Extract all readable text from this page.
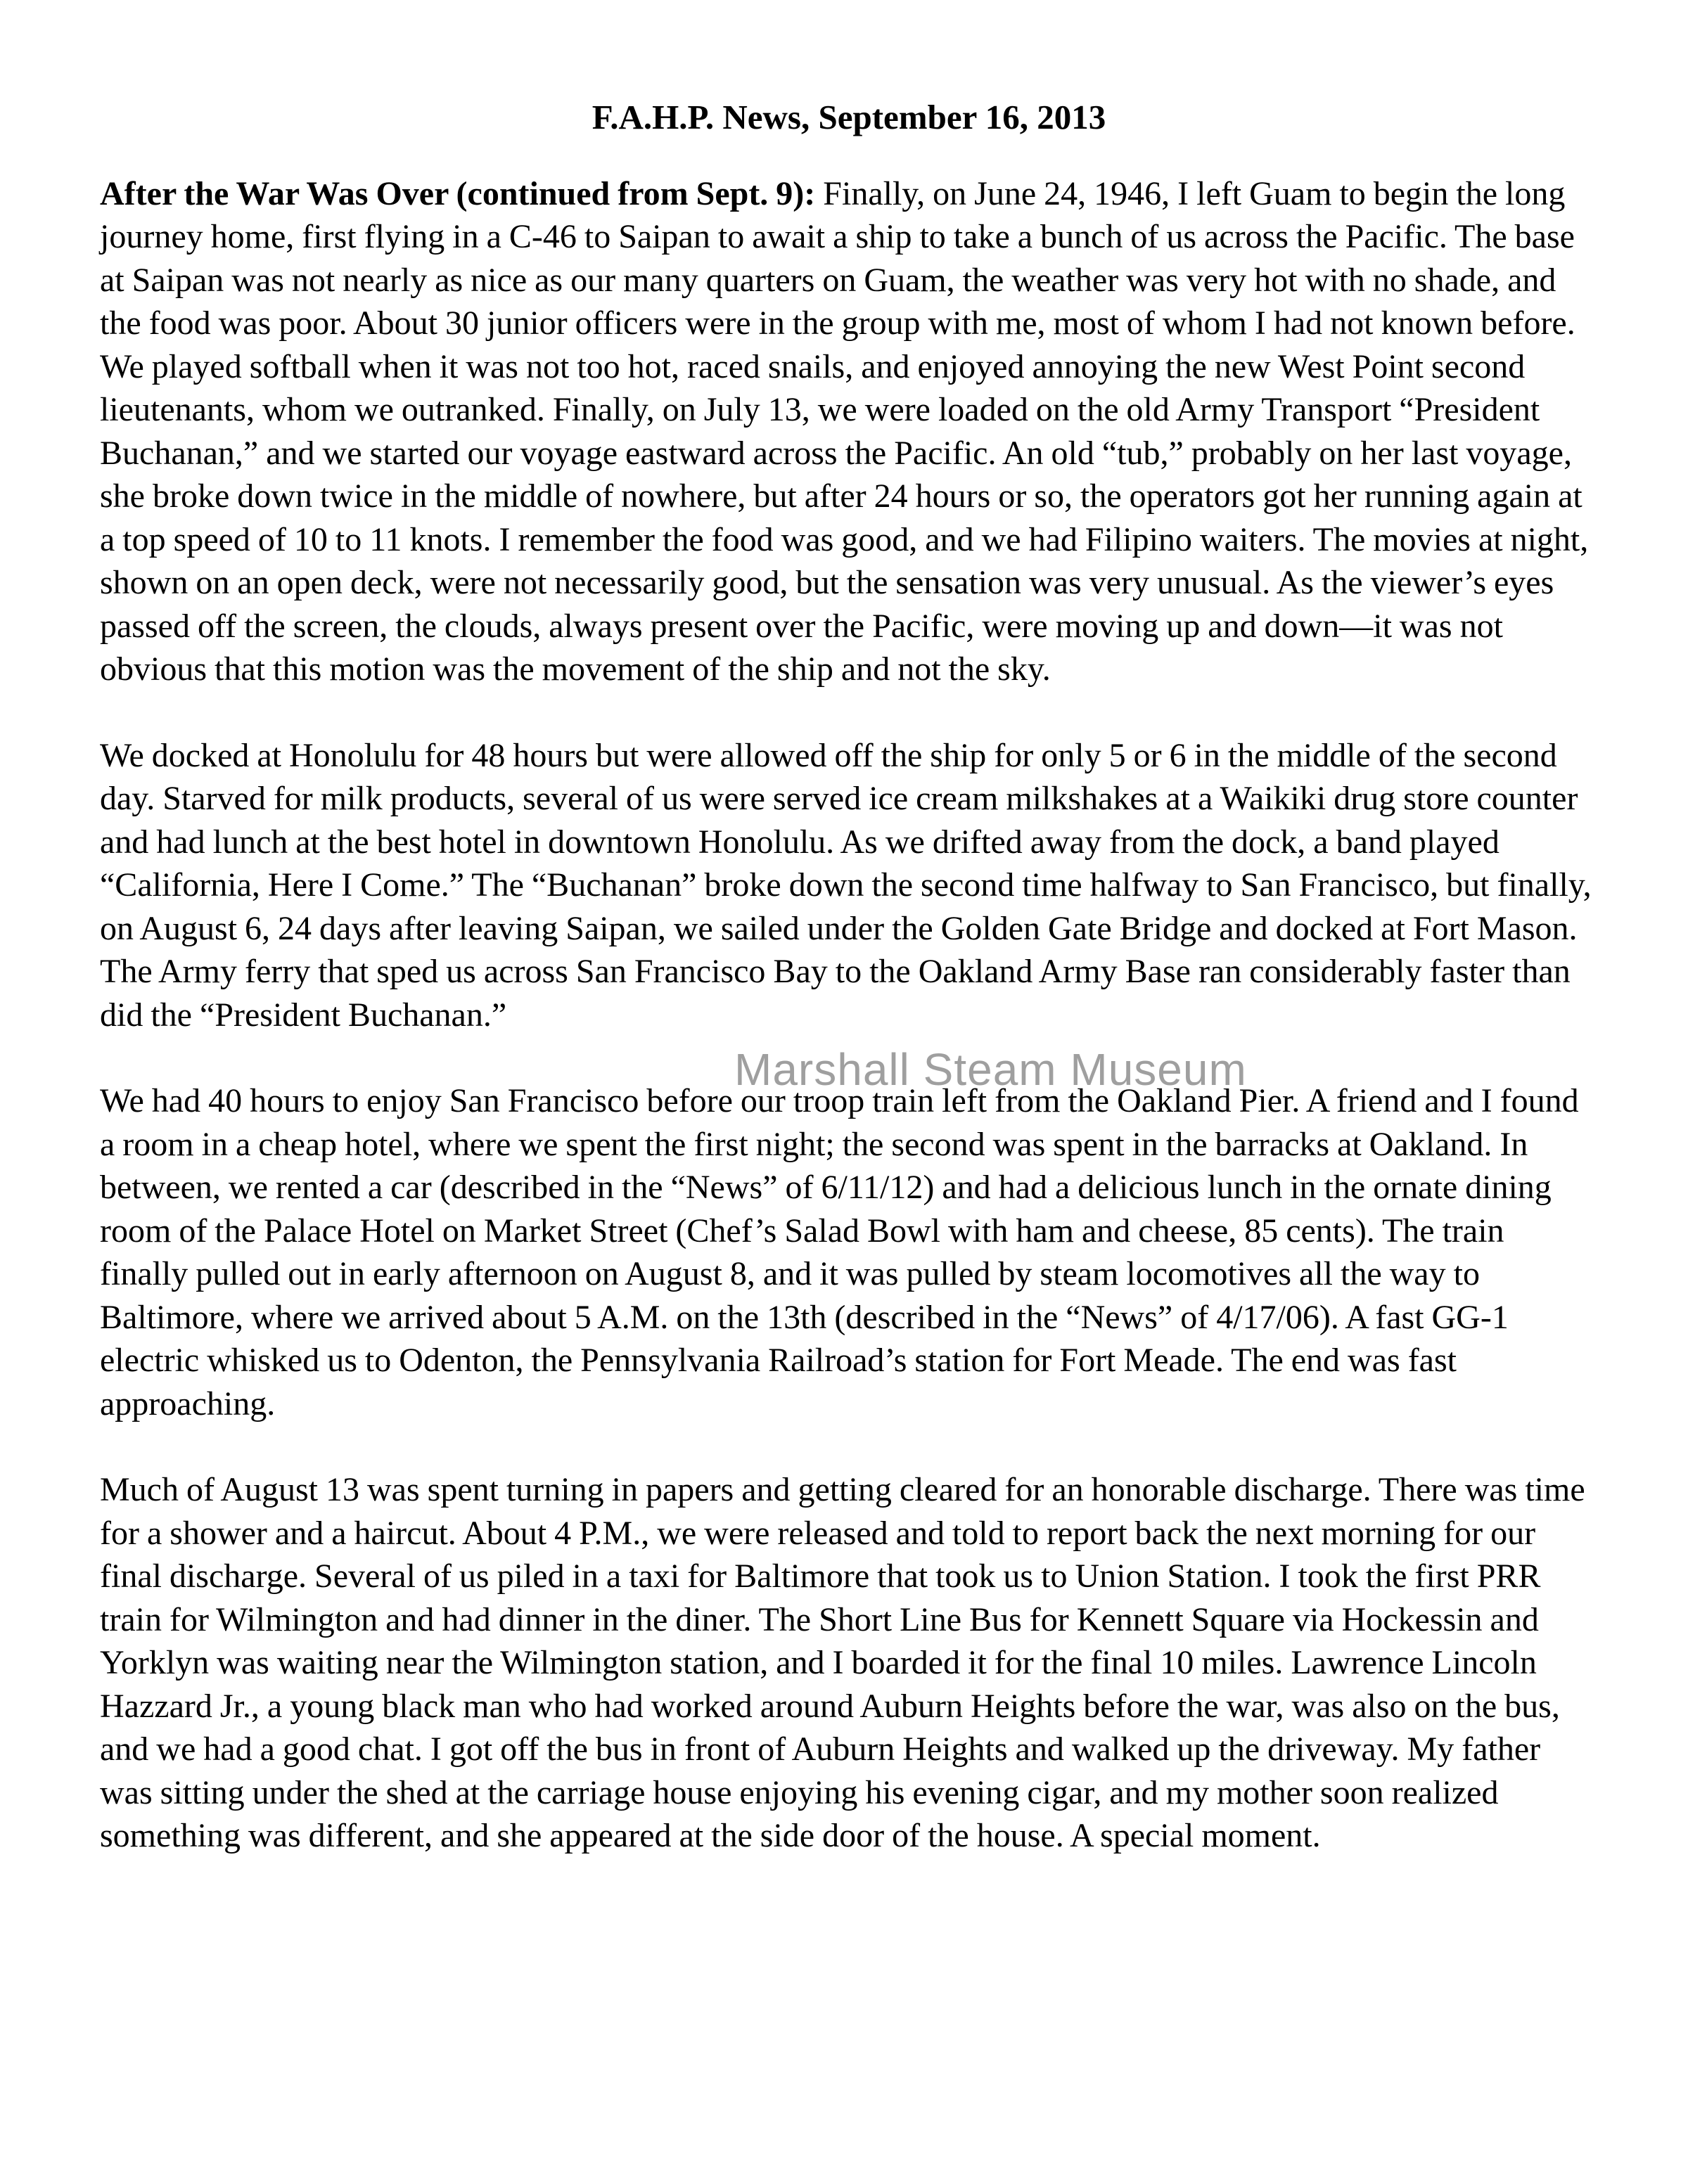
F.A.H.P. News, September 16, 2013

After the War Was Over (continued from Sept. 9): Finally, on June 24, 1946, I left Guam to begin the long journey home, first flying in a C-46 to Saipan to await a ship to take a bunch of us across the Pacific. The base at Saipan was not nearly as nice as our many quarters on Guam, the weather was very hot with no shade, and the food was poor. About 30 junior officers were in the group with me, most of whom I had not known before. We played softball when it was not too hot, raced snails, and enjoyed annoying the new West Point second lieutenants, whom we outranked. Finally, on July 13, we were loaded on the old Army Transport “President Buchanan,” and we started our voyage eastward across the Pacific. An old “tub,” probably on her last voyage, she broke down twice in the middle of nowhere, but after 24 hours or so, the operators got her running again at a top speed of 10 to 11 knots. I remember the food was good, and we had Filipino waiters. The movies at night, shown on an open deck, were not necessarily good, but the sensation was very unusual. As the viewer’s eyes passed off the screen, the clouds, always present over the Pacific, were moving up and down—it was not obvious that this motion was the movement of the ship and not the sky.

We docked at Honolulu for 48 hours but were allowed off the ship for only 5 or 6 in the middle of the second day. Starved for milk products, several of us were served ice cream milkshakes at a Waikiki drug store counter and had lunch at the best hotel in downtown Honolulu. As we drifted away from the dock, a band played “California, Here I Come.” The “Buchanan” broke down the second time halfway to San Francisco, but finally, on August 6, 24 days after leaving Saipan, we sailed under the Golden Gate Bridge and docked at Fort Mason. The Army ferry that sped us across San Francisco Bay to the Oakland Army Base ran considerably faster than did the “President Buchanan.”

We had 40 hours to enjoy San Francisco before our troop train left from the Oakland Pier. A friend and I found a room in a cheap hotel, where we spent the first night; the second was spent in the barracks at Oakland. In between, we rented a car (described in the “News” of 6/11/12) and had a delicious lunch in the ornate dining room of the Palace Hotel on Market Street (Chef’s Salad Bowl with ham and cheese, 85 cents). The train finally pulled out in early afternoon on August 8, and it was pulled by steam locomotives all the way to Baltimore, where we arrived about 5 A.M. on the 13th (described in the “News” of 4/17/06). A fast GG-1 electric whisked us to Odenton, the Pennsylvania Railroad’s station for Fort Meade. The end was fast approaching.

Much of August 13 was spent turning in papers and getting cleared for an honorable discharge. There was time for a shower and a haircut. About 4 P.M., we were released and told to report back the next morning for our final discharge. Several of us piled in a taxi for Baltimore that took us to Union Station. I took the first PRR train for Wilmington and had dinner in the diner. The Short Line Bus for Kennett Square via Hockessin and Yorklyn was waiting near the Wilmington station, and I boarded it for the final 10 miles. Lawrence Lincoln Hazzard Jr., a young black man who had worked around Auburn Heights before the war, was also on the bus, and we had a good chat. I got off the bus in front of Auburn Heights and walked up the driveway. My father was sitting under the shed at the carriage house enjoying his evening cigar, and my mother soon realized something was different, and she appeared at the side door of the house. A special moment.

Marshall Steam Museum
